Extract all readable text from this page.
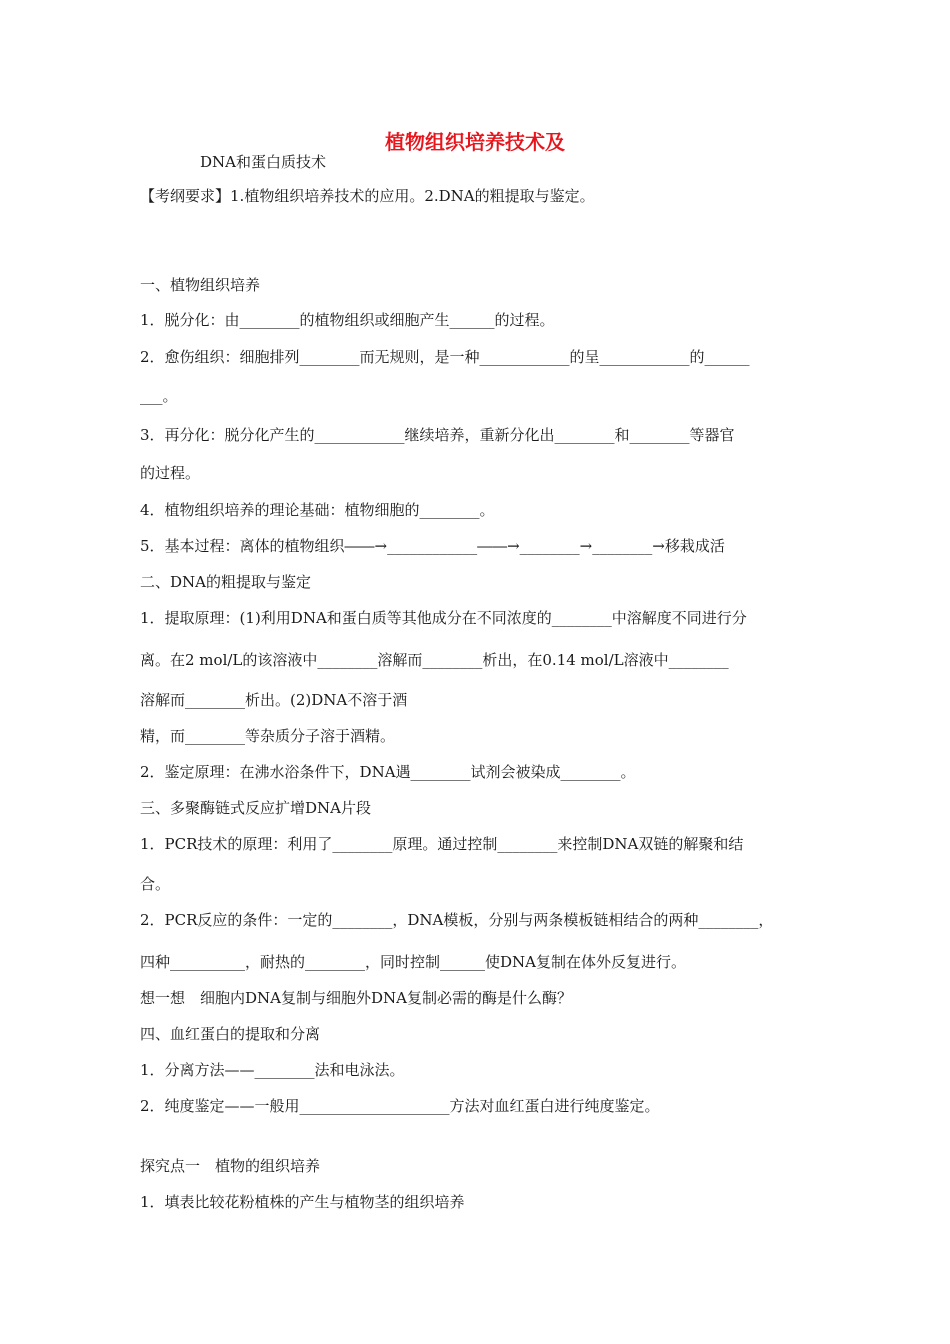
植物组织培养技术及
DNA和蛋白质技术
【考纲要求】1.植物组织培养技术的应用。2.DNA的粗提取与鉴定。
一、植物组织培养
1．脱分化：由________的植物组织或细胞产生______的过程。
2．愈伤组织：细胞排列________而无规则，是一种____________的呈____________的______
___。
3．再分化：脱分化产生的____________继续培养，重新分化出________和________等器官
的过程。
4．植物组织培养的理论基础：植物细胞的________。
5．基本过程：离体的植物组织――→____________――→________→________→移栽成活
二、DNA的粗提取与鉴定
1．提取原理：(1)利用DNA和蛋白质等其他成分在不同浓度的________中溶解度不同进行分
离。在2 mol/L的该溶液中________溶解而________析出，在0.14 mol/L溶液中________
溶解而________析出。(2)DNA不溶于酒
精，而________等杂质分子溶于酒精。
2．鉴定原理：在沸水浴条件下，DNA遇________试剂会被染成________。
三、多聚酶链式反应扩增DNA片段
1．PCR技术的原理：利用了________原理。通过控制________来控制DNA双链的解聚和结
合。
2．PCR反应的条件：一定的________，DNA模板，分别与两条模板链相结合的两种________，
四种__________，耐热的________，同时控制______使DNA复制在体外反复进行。
想一想　细胞内DNA复制与细胞外DNA复制必需的酶是什么酶？
四、血红蛋白的提取和分离
1．分离方法——________法和电泳法。
2．纯度鉴定——一般用____________________方法对血红蛋白进行纯度鉴定。
探究点一　植物的组织培养
1．填表比较花粉植株的产生与植物茎的组织培养
